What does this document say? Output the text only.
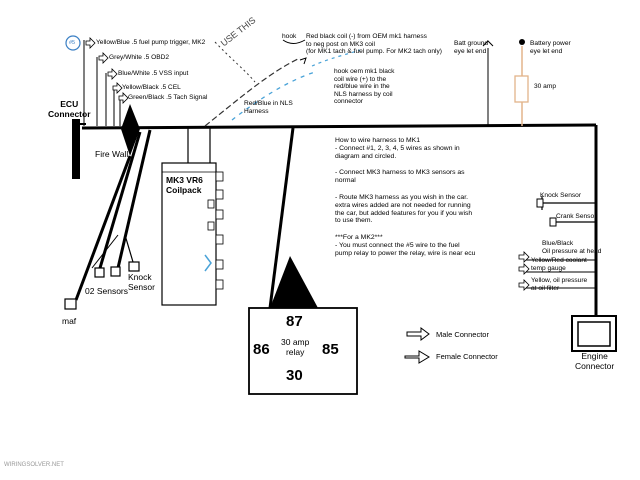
#5	Yellow/Blue .5 fuel pump trigger, MK2
Grey/White .5 OBD2
Blue/White .5 VSS input
Yellow/Black .5 CEL
Green/Black .5 Tach Signal
hook Red black coil (-) from OEM mk1 harness
to neg post on MK3 coil
(for MK1 tach & fuel pump. For MK2 tach only)
hook oem mk1 black
coil wire (+) to the
red/blue wire in the
NLS harness by coil
connector
Red/Blue in NLS
Harness
USE THIS
ECU
Connector
Fire Wall
MK3 VR6
Coilpack
02 Sensors
Knock
Sensor
maf
Batt ground
eye let end
Battery power
eye let end
30 amp
Knock Sensor
Crank Sensor
Blue/Black
Oil pressure at head
Yellow/Red coolant
temp gauge
Yellow, oil pressure
at oil filter
Engine
Connector
87
86	85
30
30 amp
relay
How to wire harness to MK1
- Connect #1, 2, 3, 4, 5 wires as shown in
diagram and circled.
- Connect MK3 harness to MK3 sensors as
normal
- Route MK3 harness as you wish in the car.
extra wires added are not needed for running
the car, but added features for you if you wish
to use them.
***For a MK2***
- You must connect the #5 wire to the fuel
pump relay to power the relay, wire is near ecu
Male Connector
Female Connector
WIRINGSOLVER.NET
